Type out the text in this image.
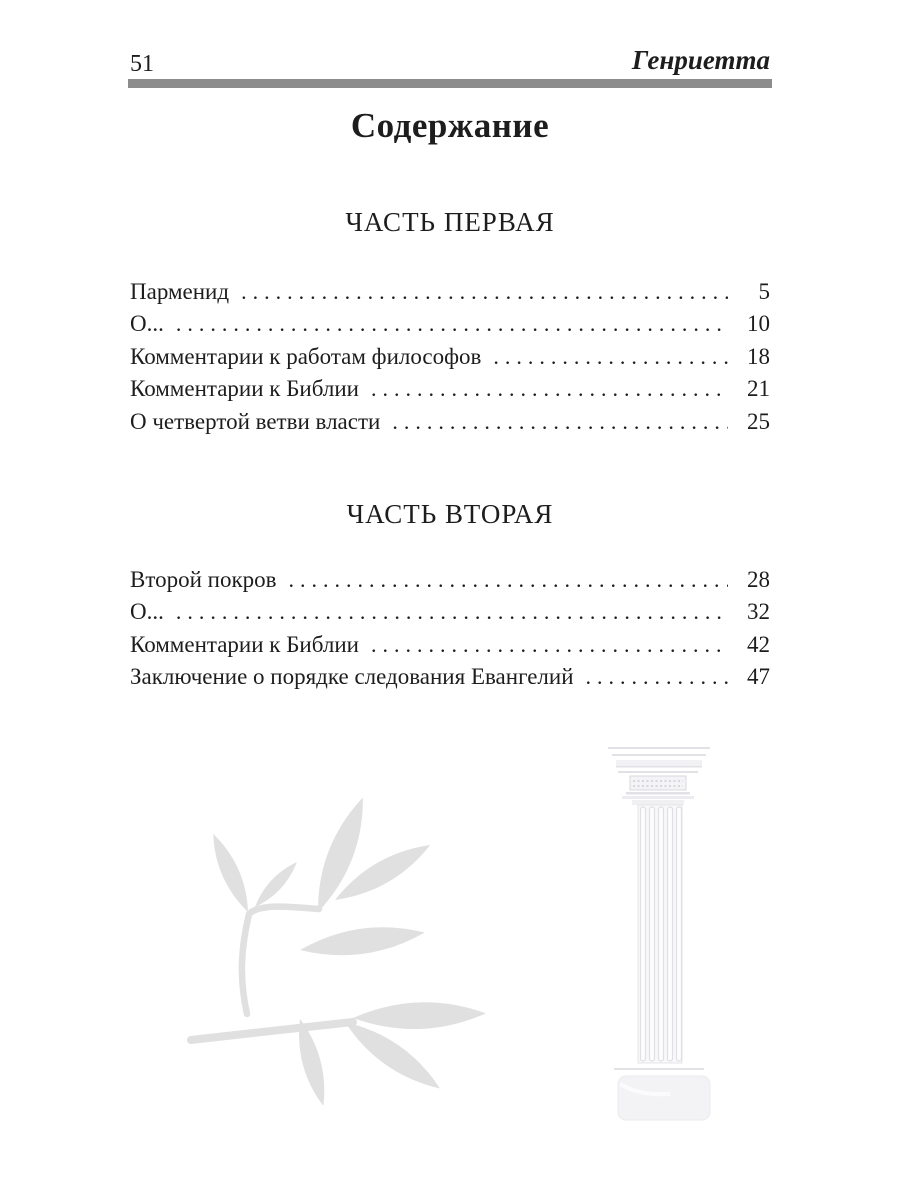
51	Генриетта
Содержание
ЧАСТЬ ПЕРВАЯ
Парменид .....	5
О... .....	10
Комментарии к работам философов .....	18
Комментарии к Библии .....	21
О четвертой ветви власти .....	25
ЧАСТЬ ВТОРАЯ
Второй покров .....	28
О... .....	32
Комментарии к Библии .....	42
Заключение о порядке следования Евангелий .....	47
